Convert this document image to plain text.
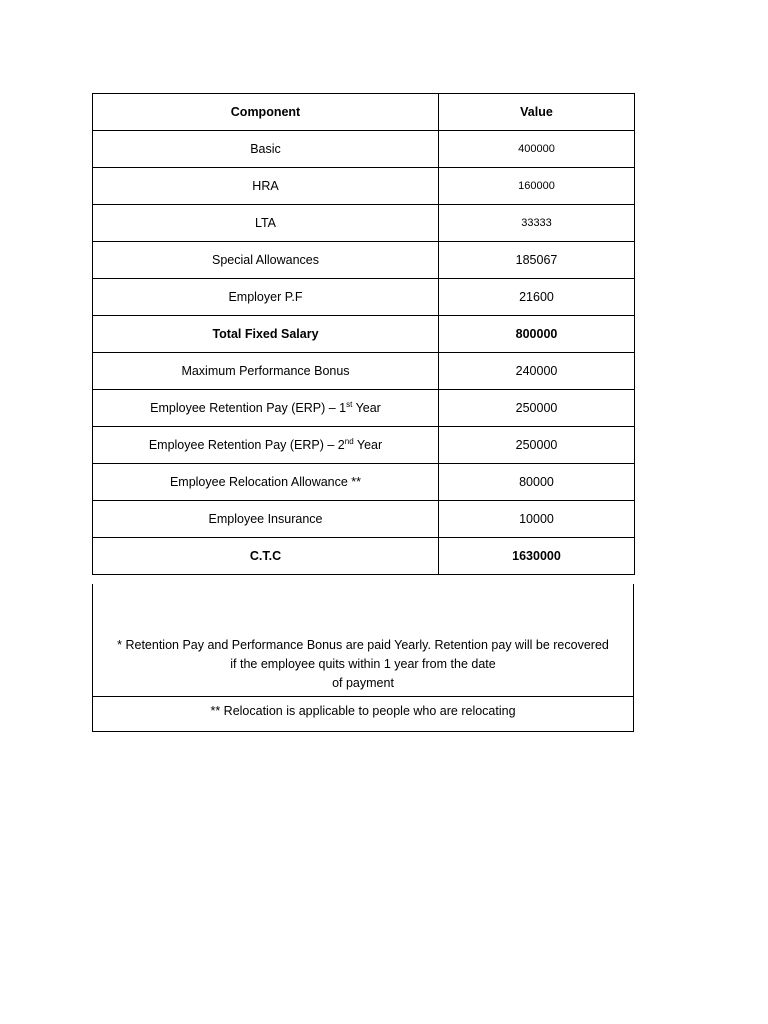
Component	Value
Basic	400000
HRA	160000
LTA	33333
Special Allowances	185067
Employer P.F	21600
Total Fixed Salary	800000
Maximum Performance Bonus	240000
Employee Retention Pay (ERP) – 1st Year	250000
Employee Retention Pay (ERP) – 2nd Year	250000
Employee Relocation Allowance **	80000
Employee Insurance	10000
C.T.C	1630000
* Retention Pay and Performance Bonus are paid Yearly. Retention pay will be recovered
if the employee quits within 1 year from the date
of payment
** Relocation is applicable to people who are relocating
